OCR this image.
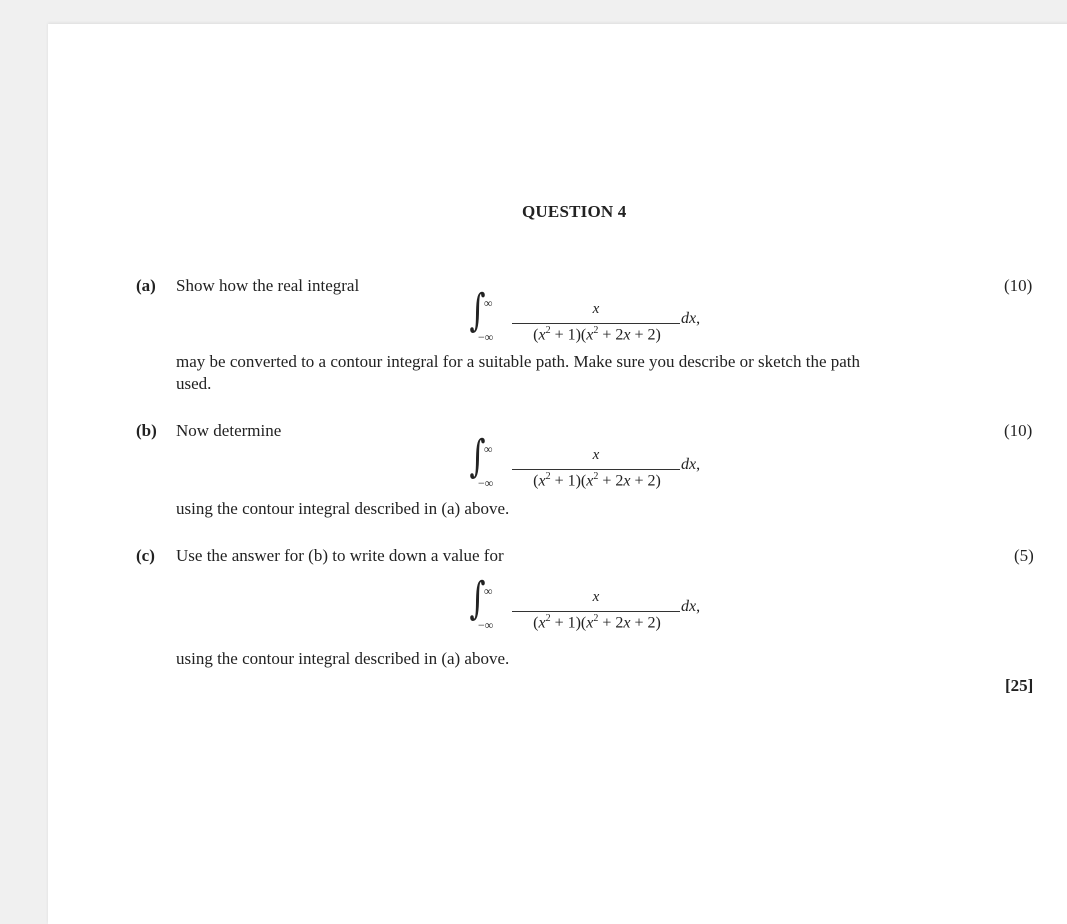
QUESTION 4
(a) Show how the real integral	(10)
∫
∞
−∞
x
$(x^2 + 1)(x^2 + 2x + 2)$
dx,
may be converted to a contour integral for a suitable path. Make sure you describe or sketch the path
used.
(b) Now determine	(10)
∫
∞
−∞
x
$(x^2 + 1)(x^2 + 2x + 2)$
dx,
using the contour integral described in (a) above.
(c) Use the answer for (b) to write down a value for	(5)
∫
∞
−∞
x
$(x^2 + 1)(x^2 + 2x + 2)$
dx,
using the contour integral described in (a) above.
[25]
